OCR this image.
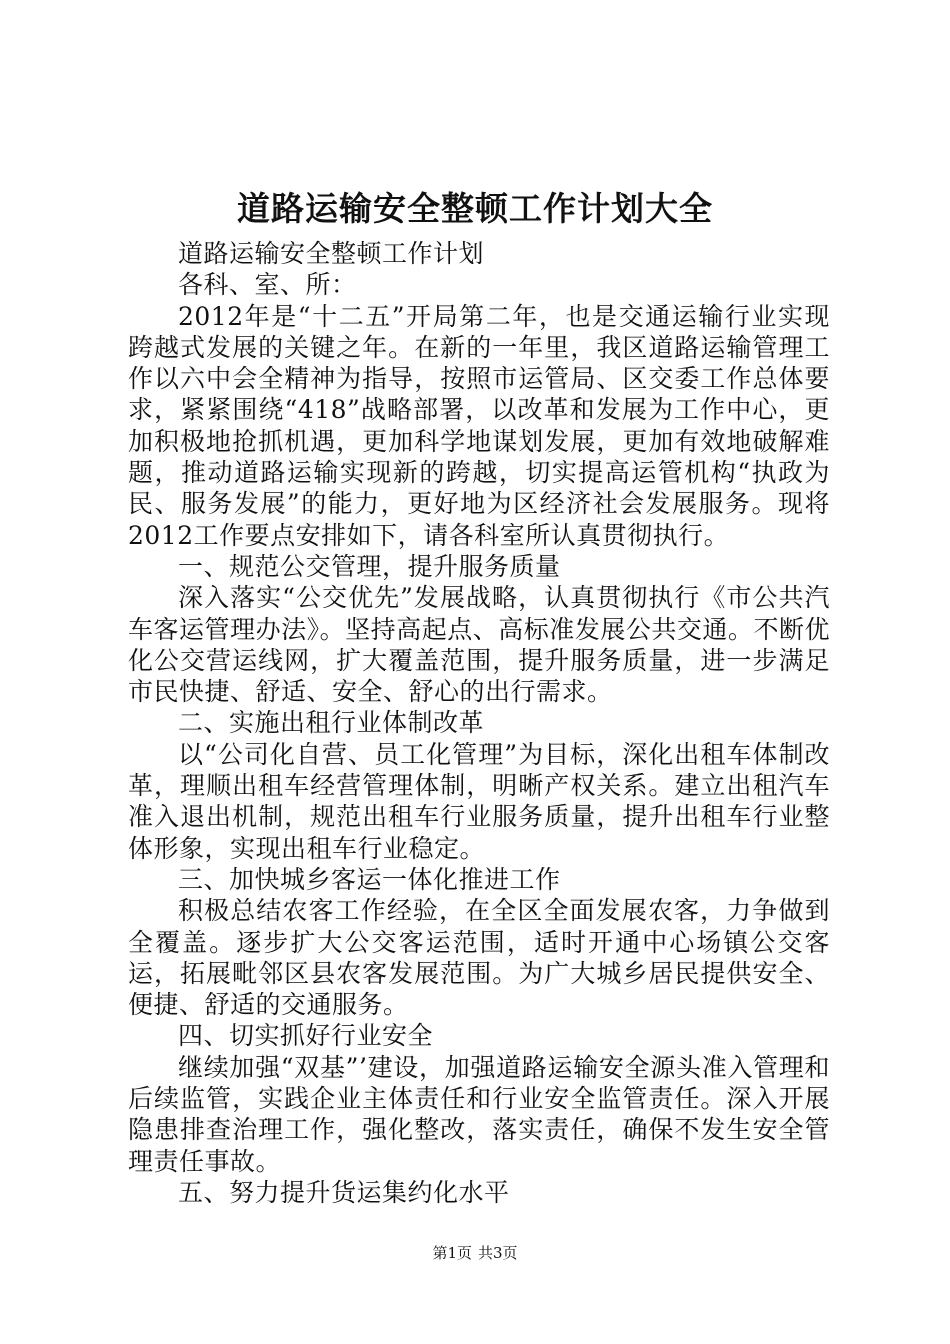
道路运输安全整顿工作计划大全

道路运输安全整顿工作计划

各科、室、所：

2012年是“十二五”开局第二年，也是交通运输行业实现跨越式发展的关键之年。在新的一年里，我区道路运输管理工作以六中会全精神为指导，按照市运管局、区交委工作总体要求，紧紧围绕“418”战略部署，以改革和发展为工作中心，更加积极地抢抓机遇，更加科学地谋划发展，更加有效地破解难题，推动道路运输实现新的跨越，切实提高运管机构“执政为民、服务发展”的能力，更好地为区经济社会发展服务。现将2012工作要点安排如下，请各科室所认真贯彻执行。

一、规范公交管理，提升服务质量

深入落实“公交优先”发展战略，认真贯彻执行《市公共汽车客运管理办法》。坚持高起点、高标准发展公共交通。不断优化公交营运线网，扩大覆盖范围，提升服务质量，进一步满足市民快捷、舒适、安全、舒心的出行需求。

二、实施出租行业体制改革

以“公司化自营、员工化管理”为目标，深化出租车体制改革，理顺出租车经营管理体制，明晰产权关系。建立出租汽车准入退出机制，规范出租车行业服务质量，提升出租车行业整体形象，实现出租车行业稳定。

三、加快城乡客运一体化推进工作

积极总结农客工作经验，在全区全面发展农客，力争做到全覆盖。逐步扩大公交客运范围，适时开通中心场镇公交客运，拓展毗邻区县农客发展范围。为广大城乡居民提供安全、便捷、舒适的交通服务。

四、切实抓好行业安全

继续加强“双基”’建设，加强道路运输安全源头准入管理和后续监管，实践企业主体责任和行业安全监管责任。深入开展隐患排查治理工作，强化整改，落实责任，确保不发生安全管理责任事故。

五、努力提升货运集约化水平

第1页 共3页
